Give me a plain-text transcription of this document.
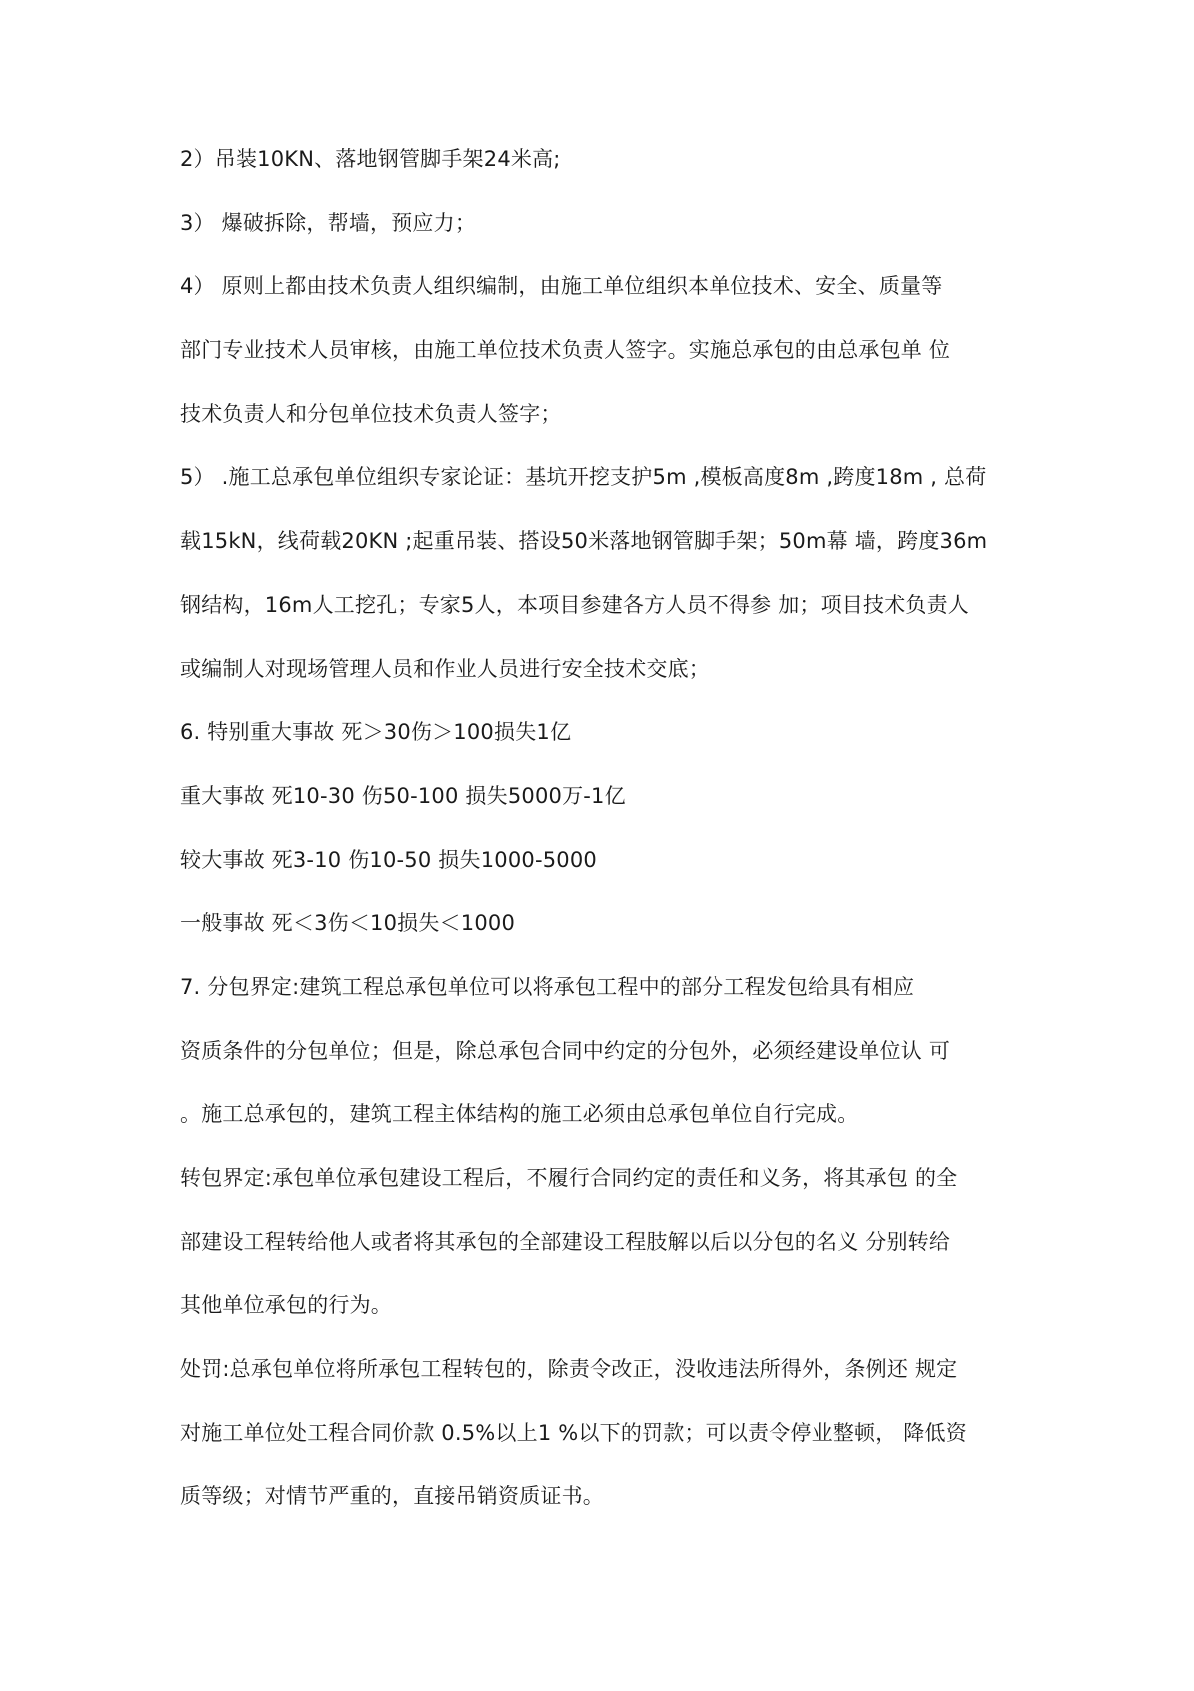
2）吊装10KN、落地钢管脚手架24米高;
3） 爆破拆除，帮墙，预应力；
4） 原则上都由技术负责人组织编制，由施工单位组织本单位技术、安全、质量等
部门专业技术人员审核，由施工单位技术负责人签字。实施总承包的由总承包单 位
技术负责人和分包单位技术负责人签字；
5） .施工总承包单位组织专家论证：基坑开挖支护5m ,模板高度8m ,跨度18m , 总荷
载15kN，线荷载20KN ;起重吊装、搭设50米落地钢管脚手架；50m幕 墙，跨度36m
钢结构，16m人工挖孔；专家5人，本项目参建各方人员不得参 加；项目技术负责人
或编制人对现场管理人员和作业人员进行安全技术交底；
6. 特别重大事故 死＞30伤＞100损失1亿
重大事故 死10-30 伤50-100 损失5000万-1亿
较大事故 死3-10 伤10-50 损失1000-5000
一般事故 死＜3伤＜10损失＜1000
7. 分包界定:建筑工程总承包单位可以将承包工程中的部分工程发包给具有相应
资质条件的分包单位；但是，除总承包合同中约定的分包外，必须经建设单位认 可
。施工总承包的，建筑工程主体结构的施工必须由总承包单位自行完成。
转包界定:承包单位承包建设工程后，不履行合同约定的责任和义务，将其承包 的全
部建设工程转给他人或者将其承包的全部建设工程肢解以后以分包的名义 分别转给
其他单位承包的行为。
处罚:总承包单位将所承包工程转包的，除责令改正，没收违法所得外，条例还 规定
对施工单位处工程合同价款 0.5%以上1 %以下的罚款；可以责令停业整顿， 降低资
质等级；对情节严重的，直接吊销资质证书。
